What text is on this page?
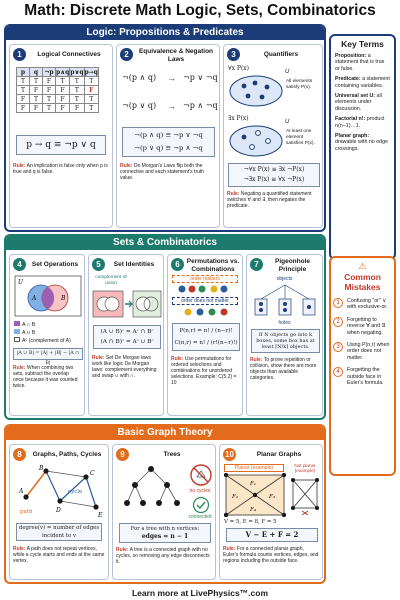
Math: Discrete Math Logic, Sets, Combinatorics
Logic: Propositions & Predicates
1	Logical Connectives
p	q	¬p	p∧q	p∨q	p→q
T	T	F	T	T	T
T	F	F	F	T	F
F	T	T	F	T	T
F	F	T	F	F	T
p → q ≡ ¬p ∨ q
Rule: An implication is false only when p is true and q is false.
2	Equivalence & Negation Laws
¬(p ∧ q) → ¬p ∨ ¬q
¬(p ∨ q) → ¬p ∧ ¬q
¬(p ∧ q) ≡ ¬p ∨ ¬q
¬(p ∨ q) ≡ ¬p ∧ ¬q
Rule: De Morgan's Laws flip both the connective and each statement's truth value.
3	Quantifiers
∀x P(x)	U
All elements satisfy P(x).
∃x P(x)	U
At least one element satisfies P(x).
¬∀x P(x) ≡ ∃x ¬P(x)
¬∃x P(x) ≡ ∀x ¬P(x)
Rule: Negating a quantified statement switches ∀ and ∃, then negates the predicate.
Sets & Combinatorics
4	Set Operations
U
A	B
A ∩ B
A ∪ B
Aᶜ (complement of A)
|A ∪ B| = |A| + |B| − |A ∩ B|
Rule: When combining two sets, subtract the overlap once because it was counted twice.
5	Set Identities
complement of union
(A ∪ B)ᶜ = Aᶜ ∩ Bᶜ
(A ∩ B)ᶜ = Aᶜ ∪ Bᶜ
Rule: Set De Morgan laws work like logic De Morgan laws: complement everything and swap ∪ with ∩.
6	Permutations vs. Combinations
order matters
order does not matter
P(n,r) = n! / (n−r)!
C(n,r) = n! / (r!(n−r)!)
Rule: Use permutations for ordered selections and combinations for unordered selections. Example: C(5,2) = 10
7	Pigeonhole Principle
objects
holes
If N objects go into k boxes, some box has at least ⌈N/k⌉ objects.
Rule: To prove repetition or collision, show there are more objects than available categories.
Basic Graph Theory
8	Graphs, Paths, Cycles
A
B
C
D
E
path
cycle
degree(v) = number of edges incident to v
Rule: A path does not repeat vertices, while a cycle starts and ends at the same vertex.
9	Trees
no cycles
connected
For a tree with n vertices:
edges = n − 1
Rule: A tree is a connected graph with no cycles, so removing any edge disconnects it.
10	Planar Graphs
Planar (example)
F₁
F₂	F₃
F₄
Not planar (example)
V = 5, E = 8, F = 5
V − E + F = 2
Rule: For a connected planar graph, Euler's formula counts vertices, edges, and regions including the outside face.
Key Terms
Proposition: a statement that is true or false.
Predicate: a statement containing variables.
Universal set U: all elements under discussion.
Factorial n!: product n(n−1)…1.
Planar graph: drawable with no edge crossings.
⚠
Common Mistakes
1	Confusing "or" ∨ with exclusive-or.
2	Forgetting to reverse ∀ and ∃ when negating.
3	Using P(n,r) when order does not matter.
4	Forgetting the outside face in Euler's formula.
Learn more at LivePhysics™.com
